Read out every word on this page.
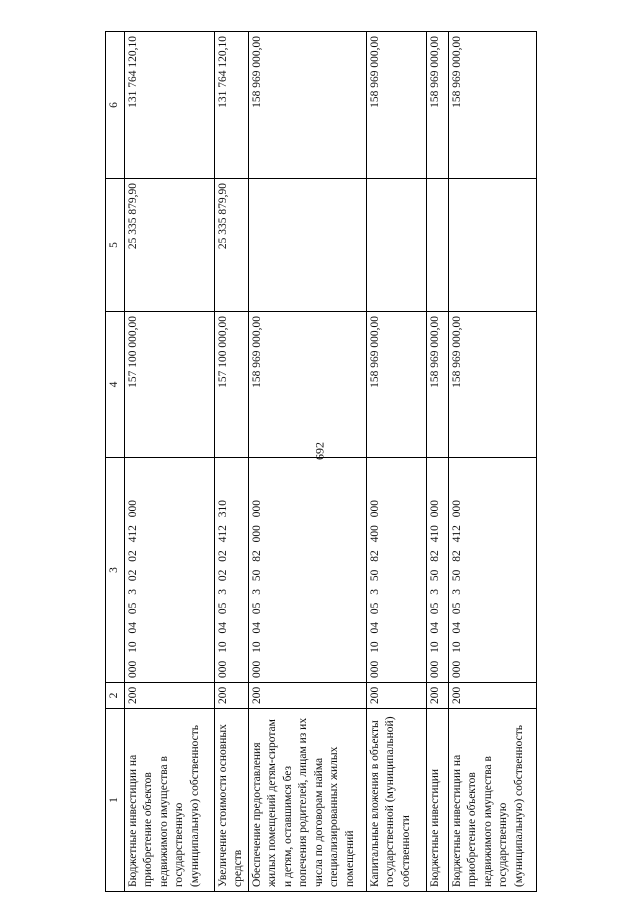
692
1	2	3	4	5	6
Бюджетные инвестиции на приобретение объектов недвижимого имущества в государственную (муниципальную) собственность	200	000 10 04 05 3 02 02 412 000	157 100 000,00	25 335 879,90	131 764 120,10
Увеличение стоимости основных средств	200	000 10 04 05 3 02 02 412 310	157 100 000,00	25 335 879,90	131 764 120,10
Обеспечение предоставления жилых помещений детям-сиротам и детям, оставшимся без попечения родителей, лицам из их числа по договорам найма специализированных жилых помещений	200	000 10 04 05 3 50 82 000 000	158 969 000,00		158 969 000,00
Капитальные вложения в объекты государственной (муниципальной) собственности	200	000 10 04 05 3 50 82 400 000	158 969 000,00		158 969 000,00
Бюджетные инвестиции	200	000 10 04 05 3 50 82 410 000	158 969 000,00		158 969 000,00
Бюджетные инвестиции на приобретение объектов недвижимого имущества в государственную (муниципальную) собственность	200	000 10 04 05 3 50 82 412 000	158 969 000,00		158 969 000,00
